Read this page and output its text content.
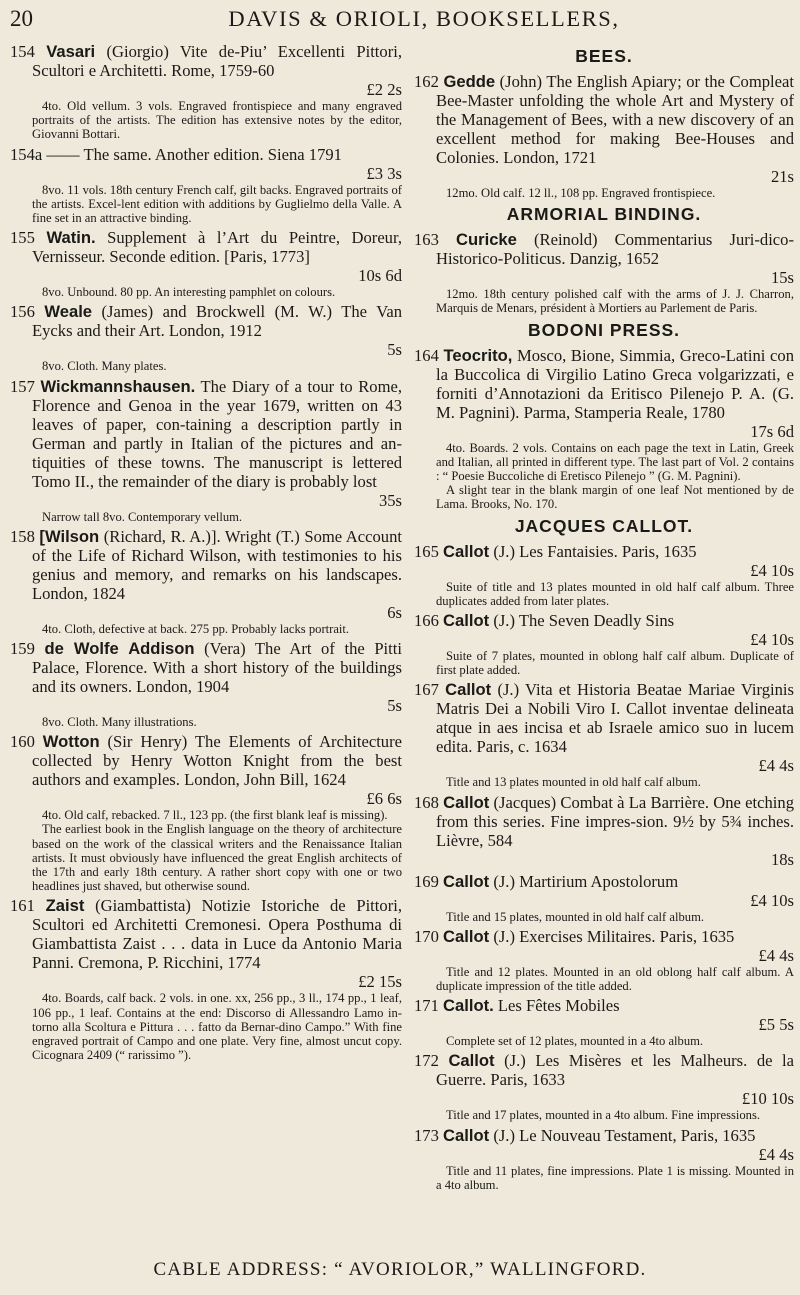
20	DAVIS & ORIOLI, BOOKSELLERS,
154 Vasari (Giorgio) Vite de-Piu’ Excellenti Pittori, Scultori e Architetti. Rome, 1759-60
£2 2s
4to. Old vellum. 3 vols. Engraved frontispiece and many engraved portraits of the artists. The edition has extensive notes by the editor, Giovanni Bottari.
154a —— The same. Another edition. Siena 1791
£3 3s
8vo. 11 vols. 18th century French calf, gilt backs. Engraved portraits of the artists. Excel-lent edition with additions by Guglielmo della Valle. A fine set in an attractive binding.
155 Watin. Supplement à l’Art du Peintre, Doreur, Vernisseur. Seconde edition. [Paris, 1773]
10s 6d
8vo. Unbound. 80 pp. An interesting pamphlet on colours.
156 Weale (James) and Brockwell (M. W.) The Van Eycks and their Art. London, 1912
5s
8vo. Cloth. Many plates.
157 Wickmannshausen. The Diary of a tour to Rome, Florence and Genoa in the year 1679, written on 43 leaves of paper, con-taining a description partly in German and partly in Italian of the pictures and an-tiquities of these towns. The manuscript is lettered Tomo II., the remainder of the diary is probably lost
35s
Narrow tall 8vo. Contemporary vellum.
158 [Wilson (Richard, R. A.)]. Wright (T.) Some Account of the Life of Richard Wilson, with testimonies to his genius and memory, and remarks on his landscapes. London, 1824
6s
4to. Cloth, defective at back. 275 pp. Probably lacks portrait.
159 de Wolfe Addison (Vera) The Art of the Pitti Palace, Florence. With a short history of the buildings and its owners. London, 1904
5s
8vo. Cloth. Many illustrations.
160 Wotton (Sir Henry) The Elements of Architecture collected by Henry Wotton Knight from the best authors and examples. London, John Bill, 1624
£6 6s
4to. Old calf, rebacked. 7 ll., 123 pp. (the first blank leaf is missing).
The earliest book in the English language on the theory of architecture based on the work of the classical writers and the Renaissance Italian artists. It must obviously have influenced the great English architects of the 17th and early 18th century. A rather short copy with one or two headlines just shaved, but otherwise sound.
161 Zaist (Giambattista) Notizie Istoriche de Pittori, Scultori ed Architetti Cremonesi. Opera Posthuma di Giambattista Zaist . . . data in Luce da Antonio Maria Panni. Cremona, P. Ricchini, 1774
£2 15s
4to. Boards, calf back. 2 vols. in one. xx, 256 pp., 3 ll., 174 pp., 1 leaf, 106 pp., 1 leaf. Contains at the end: Discorso di Allessandro Lamo in-torno alla Scoltura e Pittura . . . fatto da Bernar-dino Campo.” With fine engraved portrait of Campo and one plate. Very fine, almost uncut copy. Cicognara 2409 (“ rarissimo ”).
BEES.
162 Gedde (John) The English Apiary; or the Compleat Bee-Master unfolding the whole Art and Mystery of the Management of Bees, with a new discovery of an excellent method for making Bee-Houses and Colonies. London, 1721
21s
12mo. Old calf. 12 ll., 108 pp. Engraved frontispiece.
ARMORIAL BINDING.
163 Curicke (Reinold) Commentarius Juri-dico-Historico-Politicus. Danzig, 1652
15s
12mo. 18th century polished calf with the arms of J. J. Charron, Marquis de Menars, président à Mortiers au Parlement de Paris.
BODONI PRESS.
164 Teocrito, Mosco, Bione, Simmia, Greco-Latini con la Buccolica di Virgilio Latino Greca volgarizzati, e forniti d’Annotazioni da Eritisco Pilenejo P. A. (G. M. Pagnini). Parma, Stamperia Reale, 1780
17s 6d
4to. Boards. 2 vols. Contains on each page the text in Latin, Greek and Italian, all printed in different type. The last part of Vol. 2 contains : “ Poesie Buccoliche di Eretisco Pilenejo ” (G. M. Pagnini).
A slight tear in the blank margin of one leaf Not mentioned by de Lama. Brooks, No. 170.
JACQUES CALLOT.
165 Callot (J.) Les Fantaisies. Paris, 1635
£4 10s
Suite of title and 13 plates mounted in old half calf album. Three duplicates added from later plates.
166 Callot (J.) The Seven Deadly Sins
£4 10s
Suite of 7 plates, mounted in oblong half calf album. Duplicate of first plate added.
167 Callot (J.) Vita et Historia Beatae Mariae Virginis Matris Dei a Nobili Viro I. Callot inventae delineata atque in aes incisa et ab Israele amico suo in lucem edita. Paris, c. 1634
£4 4s
Title and 13 plates mounted in old half calf album.
168 Callot (Jacques) Combat à La Barrière. One etching from this series. Fine impres-sion. 9½ by 5¾ inches. Lièvre, 584
18s
169 Callot (J.) Martirium Apostolorum
£4 10s
Title and 15 plates, mounted in old half calf album.
170 Callot (J.) Exercises Militaires. Paris, 1635
£4 4s
Title and 12 plates. Mounted in an old oblong half calf album. A duplicate impression of the title added.
171 Callot. Les Fêtes Mobiles
£5 5s
Complete set of 12 plates, mounted in a 4to album.
172 Callot (J.) Les Misères et les Malheurs. de la Guerre. Paris, 1633
£10 10s
Title and 17 plates, mounted in a 4to album. Fine impressions.
173 Callot (J.) Le Nouveau Testament, Paris, 1635
£4 4s
Title and 11 plates, fine impressions. Plate 1 is missing. Mounted in a 4to album.
CABLE ADDRESS: “ AVORIOLOR,” WALLINGFORD.
